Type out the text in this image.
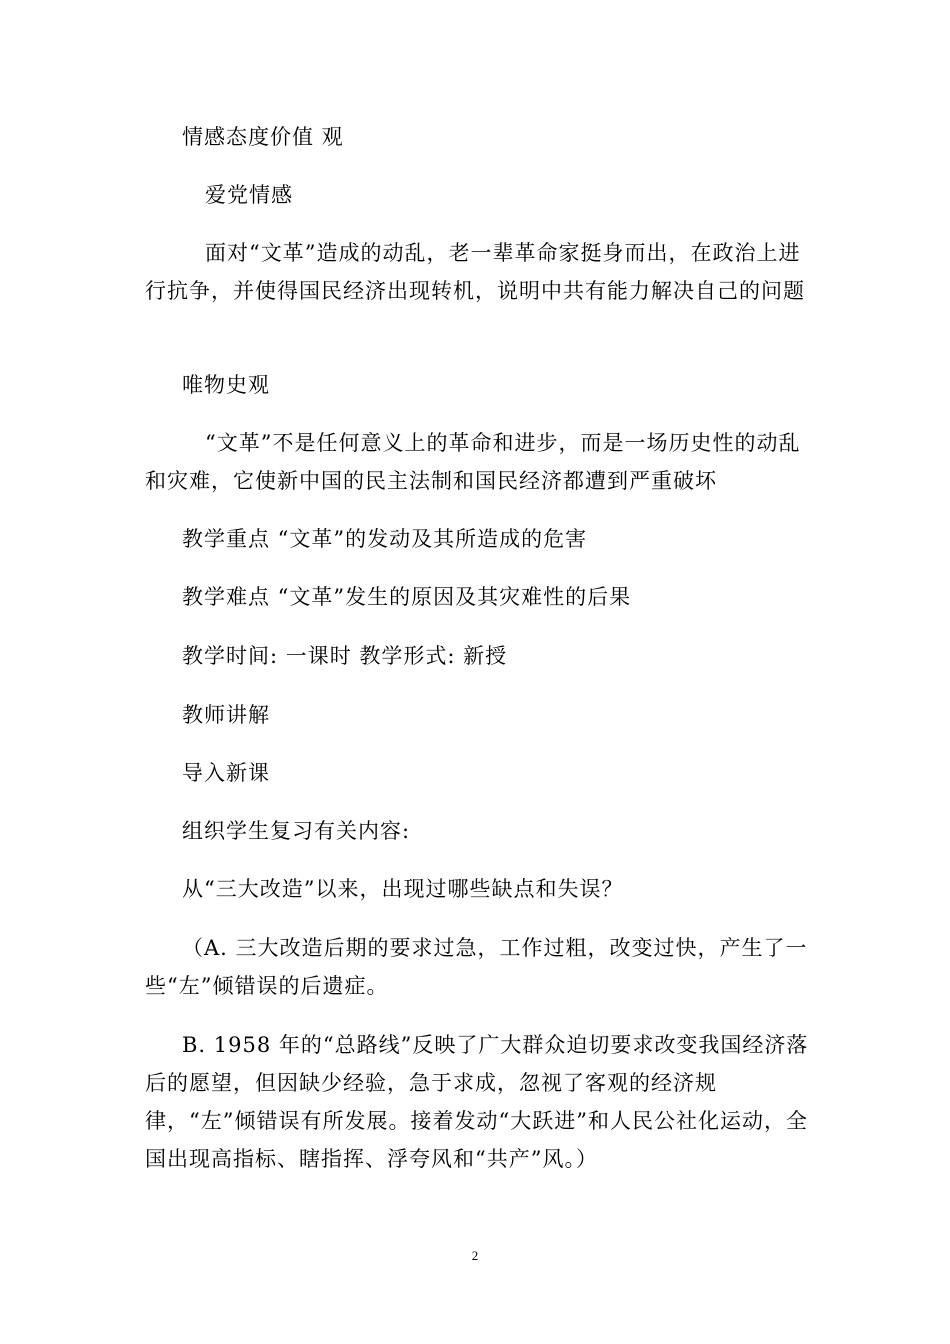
情感态度价值 观

爱党情感

面对“文革”造成的动乱，老一辈革命家挺身而出，在政治上进行抗争，并使得国民经济出现转机，说明中共有能力解决自己的问题

唯物史观

“文革”不是任何意义上的革命和进步，而是一场历史性的动乱和灾难，它使新中国的民主法制和国民经济都遭到严重破坏

教学重点 “文革”的发动及其所造成的危害

教学难点 “文革”发生的原因及其灾难性的后果

教学时间: 一课时 教学形式: 新授

教师讲解

导入新课

组织学生复习有关内容:

从“三大改造”以来，出现过哪些缺点和失误？

（A. 三大改造后期的要求过急，工作过粗，改变过快，产生了一些“左”倾错误的后遗症。

B. 1958 年的“总路线”反映了广大群众迫切要求改变我国经济落后的愿望，但因缺少经验，急于求成，忽视了客观的经济规律，“左”倾错误有所发展。接着发动“大跃进”和人民公社化运动，全国出现高指标、瞎指挥、浮夸风和“共产”风。）

2
